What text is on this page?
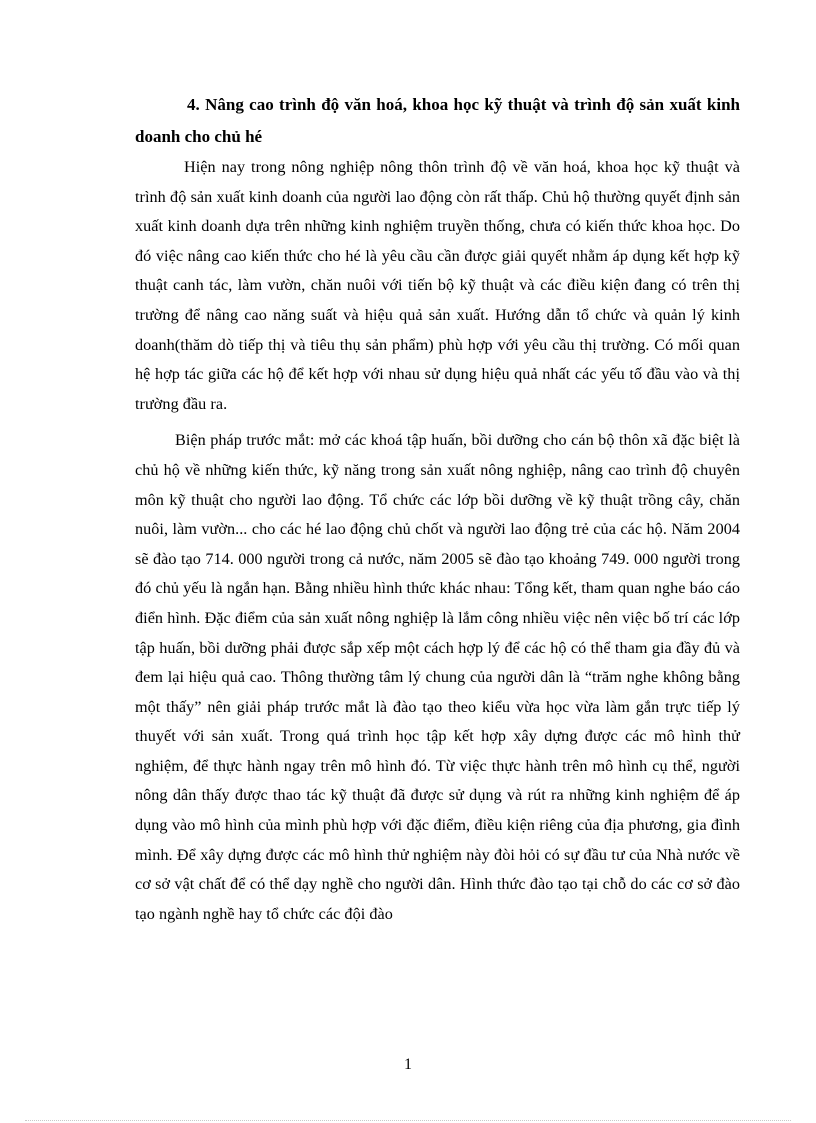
4. Nâng cao trình độ văn hoá, khoa học kỹ thuật và trình độ sản xuất kinh doanh cho chủ hé

Hiện nay trong nông nghiệp nông thôn trình độ về văn hoá, khoa học kỹ thuật và trình độ sản xuất kinh doanh của người lao động còn rất thấp. Chủ hộ thường quyết định sản xuất kinh doanh dựa trên những kinh nghiệm truyền thống, chưa có kiến thức khoa học. Do đó việc nâng cao kiến thức cho hé là yêu cầu cần được giải quyết nhằm áp dụng kết hợp kỹ thuật canh tác, làm vườn, chăn nuôi với tiến bộ kỹ thuật và các điều kiện đang có trên thị trường để nâng cao năng suất và hiệu quả sản xuất. Hướng dẫn tổ chức và quản lý kinh doanh(thăm dò tiếp thị và tiêu thụ sản phẩm) phù hợp với yêu cầu thị trường. Có mối quan hệ hợp tác giữa các hộ để kết hợp với nhau sử dụng hiệu quả nhất các yếu tố đầu vào và thị trường đầu ra.

Biện pháp trước mắt: mở các khoá tập huấn, bồi dưỡng cho cán bộ thôn xã đặc biệt là chủ hộ về những kiến thức, kỹ năng trong sản xuất nông nghiệp, nâng cao trình độ chuyên môn kỹ thuật cho người lao động. Tổ chức các lớp bồi dưỡng về kỹ thuật trồng cây, chăn nuôi, làm vườn... cho các hé lao động chủ chốt và người lao động trẻ của các hộ. Năm 2004 sẽ đào tạo 714. 000 người trong cả nước, năm 2005 sẽ đào tạo khoảng 749. 000 người trong đó chủ yếu là ngắn hạn. Bằng nhiều hình thức khác nhau: Tổng kết, tham quan nghe báo cáo điển hình. Đặc điểm của sản xuất nông nghiệp là lắm công nhiều việc nên việc bố trí các lớp tập huấn, bồi dưỡng phải được sắp xếp một cách hợp lý để các hộ có thể tham gia đầy đủ và đem lại hiệu quả cao. Thông thường tâm lý chung của người dân là “trăm nghe không bằng một thấy” nên giải pháp trước mắt là đào tạo theo kiểu vừa học vừa làm gắn trực tiếp lý thuyết với sản xuất. Trong quá trình học tập kết hợp xây dựng được các mô hình thử nghiệm, để thực hành ngay trên mô hình đó. Từ việc thực hành trên mô hình cụ thể, người nông dân thấy được thao tác kỹ thuật đã được sử dụng và rút ra những kinh nghiệm để áp dụng vào mô hình của mình phù hợp với đặc điểm, điều kiện riêng của địa phương, gia đình mình. Để xây dựng được các mô hình thử nghiệm này đòi hỏi có sự đầu tư của Nhà nước về cơ sở vật chất để có thể dạy nghề cho người dân. Hình thức đào tạo tại chỗ do các cơ sở đào tạo ngành nghề hay tổ chức các đội đào

1
